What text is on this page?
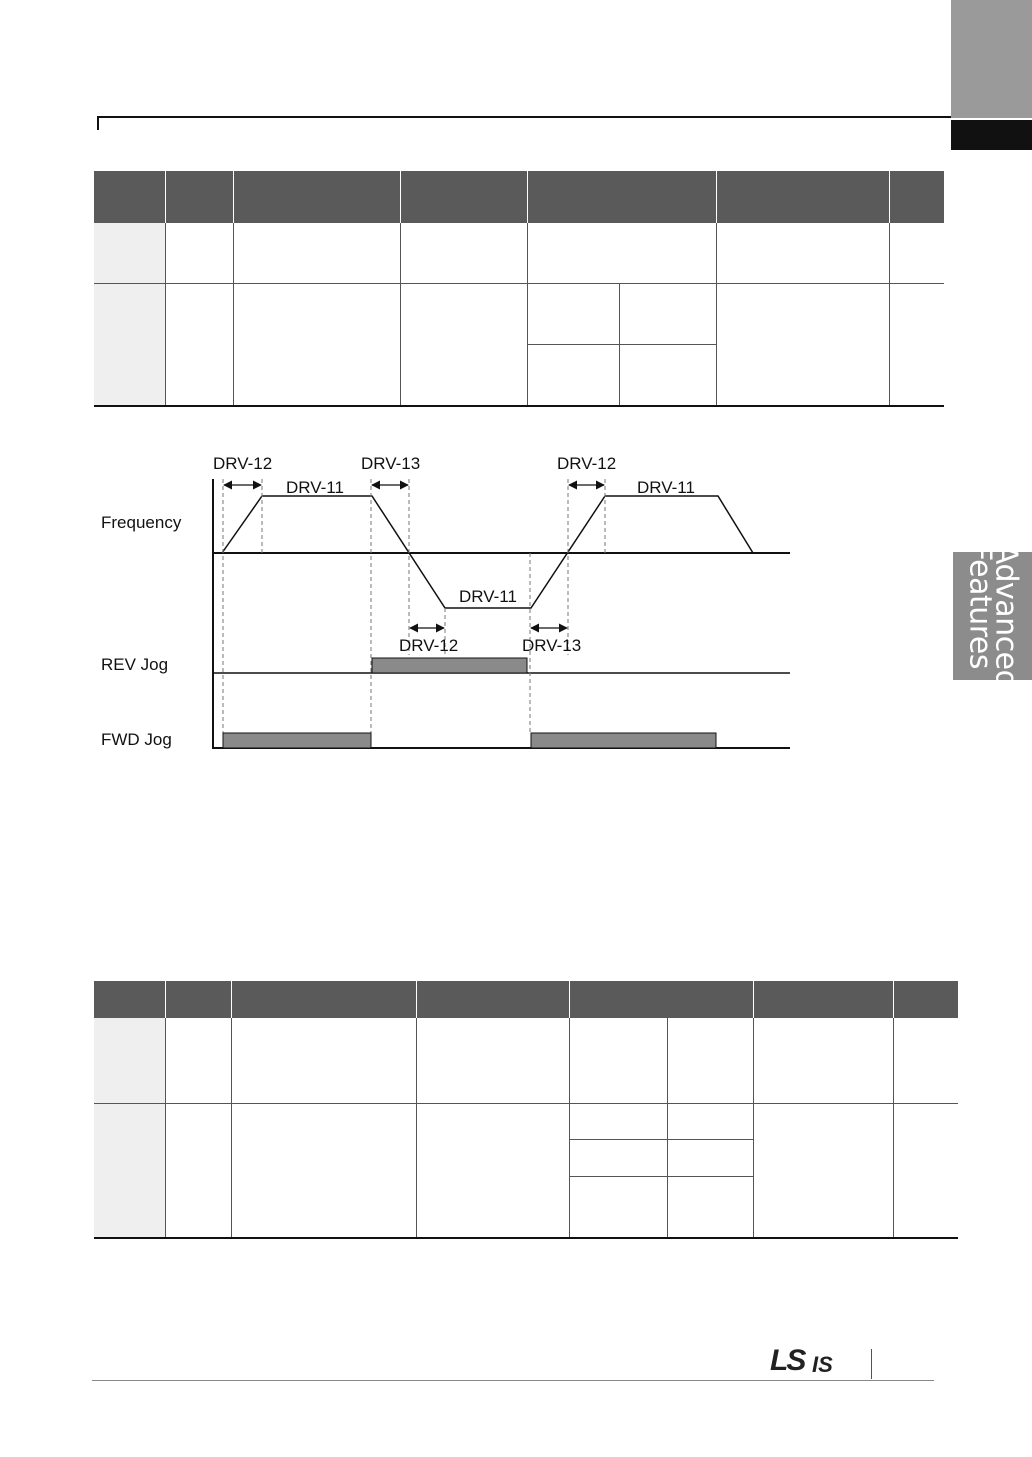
Advanced
Features
DRV-12	DRV-13	DRV-12
DRV-11	DRV-11
DRV-11
DRV-12	DRV-13
Frequency
REV Jog
FWD Jog
LS IS
